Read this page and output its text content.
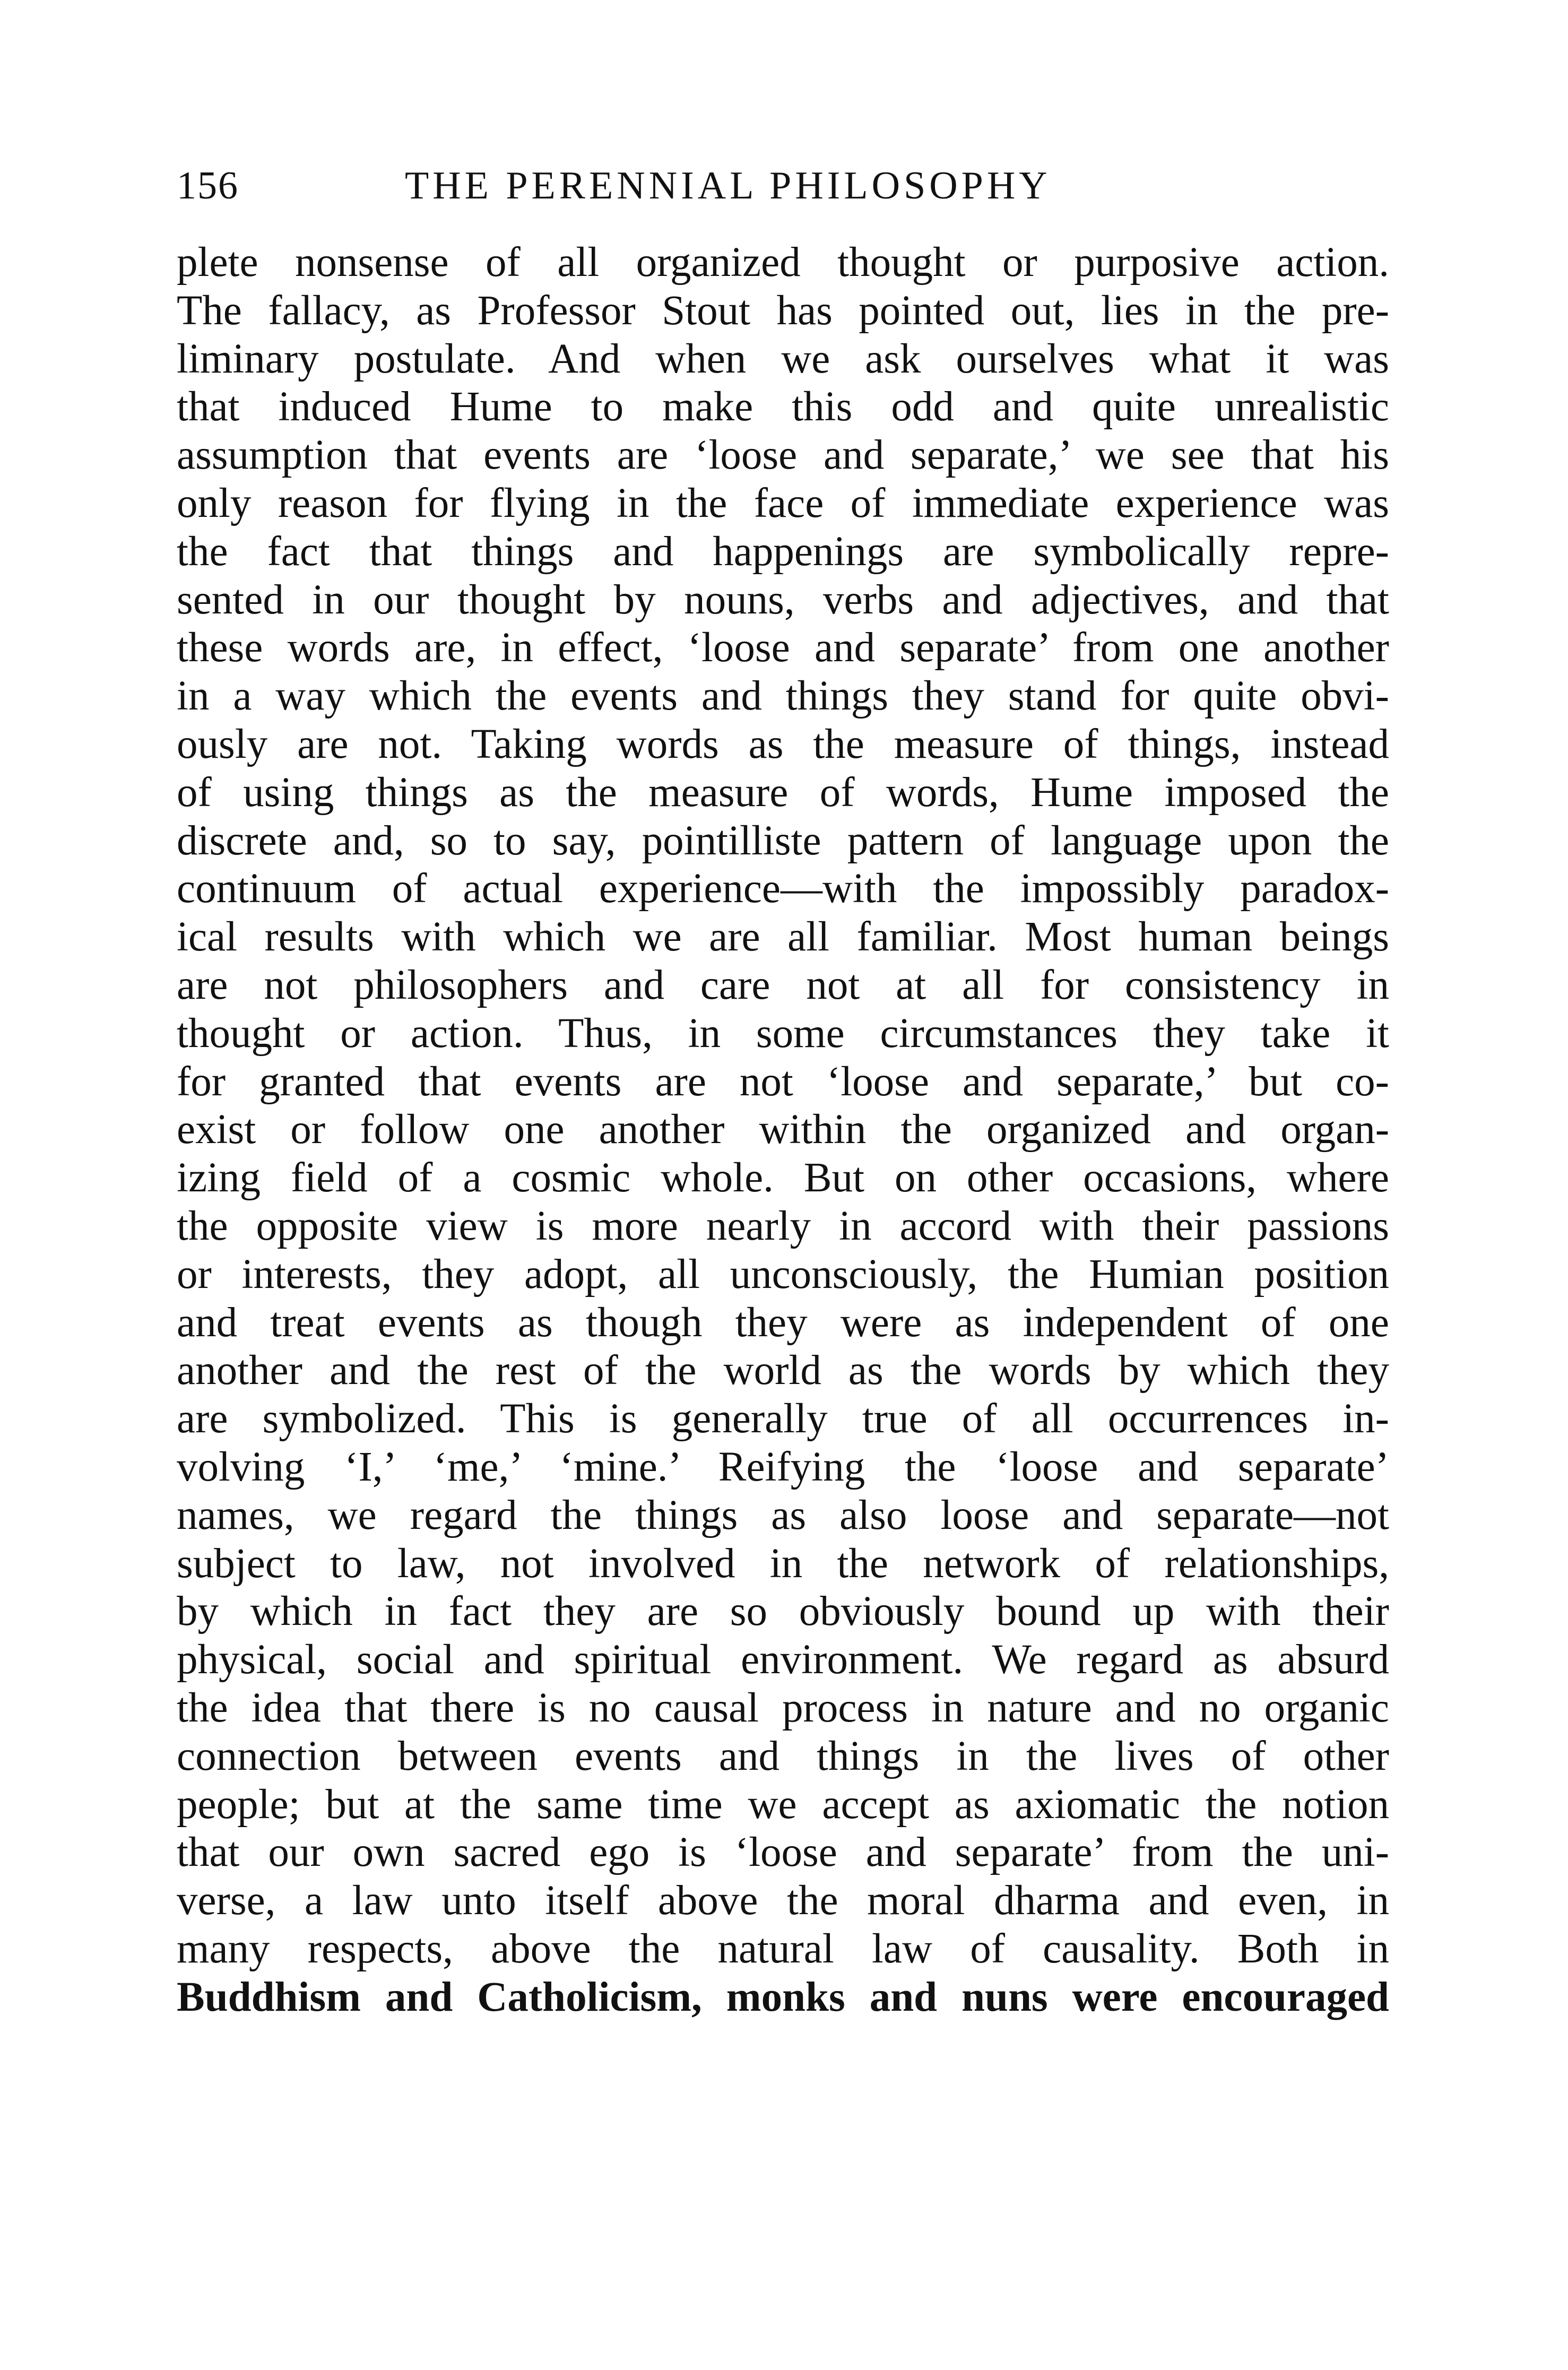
156	THE PERENNIAL PHILOSOPHY
plete nonsense of all organized thought or purposive action.
The fallacy, as Professor Stout has pointed out, lies in the pre-
liminary postulate. And when we ask ourselves what it was
that induced Hume to make this odd and quite unrealistic
assumption that events are ‘loose and separate,’ we see that his
only reason for flying in the face of immediate experience was
the fact that things and happenings are symbolically repre-
sented in our thought by nouns, verbs and adjectives, and that
these words are, in effect, ‘loose and separate’ from one another
in a way which the events and things they stand for quite obvi-
ously are not. Taking words as the measure of things, instead
of using things as the measure of words, Hume imposed the
discrete and, so to say, pointilliste pattern of language upon the
continuum of actual experience—with the impossibly paradox-
ical results with which we are all familiar. Most human beings
are not philosophers and care not at all for consistency in
thought or action. Thus, in some circumstances they take it
for granted that events are not ‘loose and separate,’ but co-
exist or follow one another within the organized and organ-
izing field of a cosmic whole. But on other occasions, where
the opposite view is more nearly in accord with their passions
or interests, they adopt, all unconsciously, the Humian position
and treat events as though they were as independent of one
another and the rest of the world as the words by which they
are symbolized. This is generally true of all occurrences in-
volving ‘I,’ ‘me,’ ‘mine.’ Reifying the ‘loose and separate’
names, we regard the things as also loose and separate—not
subject to law, not involved in the network of relationships,
by which in fact they are so obviously bound up with their
physical, social and spiritual environment. We regard as absurd
the idea that there is no causal process in nature and no organic
connection between events and things in the lives of other
people; but at the same time we accept as axiomatic the notion
that our own sacred ego is ‘loose and separate’ from the uni-
verse, a law unto itself above the moral dharma and even, in
many respects, above the natural law of causality. Both in
Buddhism and Catholicism, monks and nuns were encouraged
